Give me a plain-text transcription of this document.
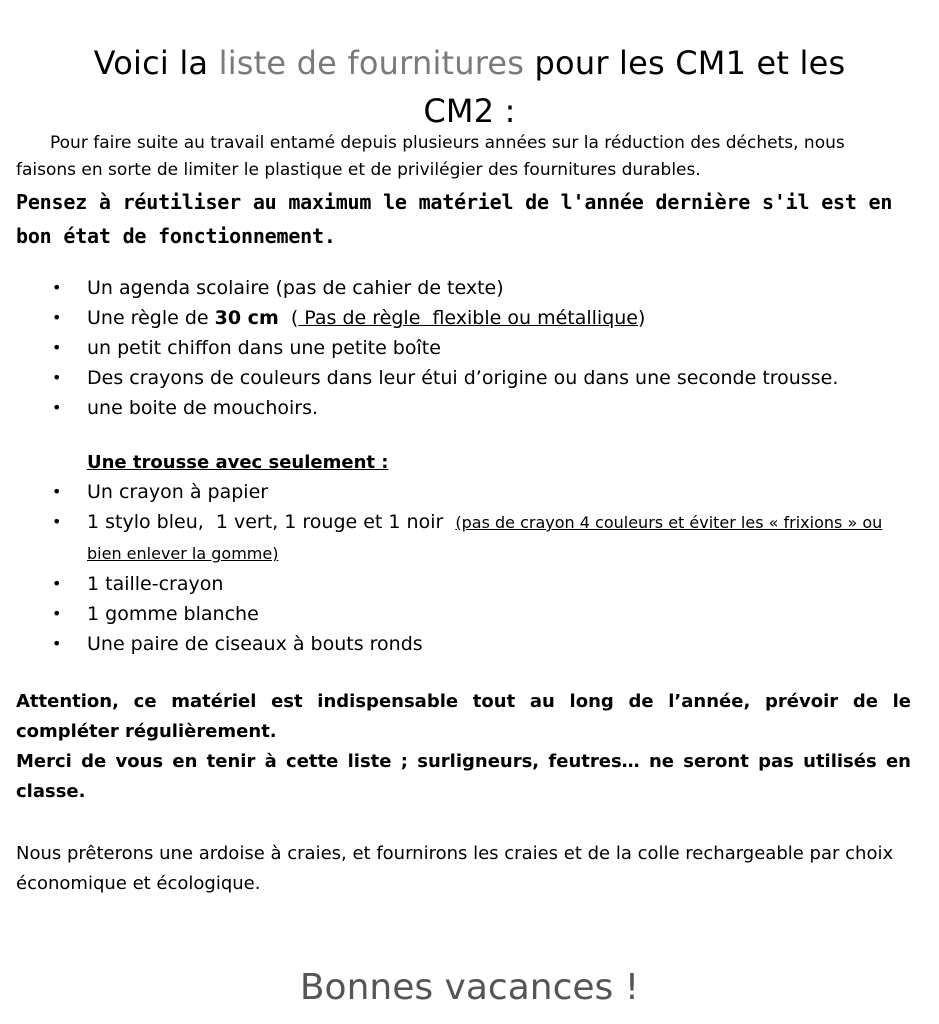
Voici la liste de fournitures pour les CM1 et les
CM2 :

Pour faire suite au travail entamé depuis plusieurs années sur la réduction des déchets, nous faisons en sorte de limiter le plastique et de privilégier des fournitures durables.

Pensez à réutiliser au maximum le matériel de l'année dernière s'il est en bon état de fonctionnement.

• Un agenda scolaire (pas de cahier de texte)
• Une règle de 30 cm  ( Pas de règle  flexible ou métallique)
• un petit chiffon dans une petite boîte
• Des crayons de couleurs dans leur étui d’origine ou dans une seconde trousse.
• une boite de mouchoirs.

Une trousse avec seulement :

• Un crayon à papier
• 1 stylo bleu,  1 vert, 1 rouge et 1 noir  (pas de crayon 4 couleurs et éviter les « frixions » ou bien enlever la gomme)
• 1 taille-crayon
• 1 gomme blanche
• Une paire de ciseaux à bouts ronds

Attention, ce matériel est indispensable tout au long de l’année, prévoir de le compléter régulièrement.

Merci de vous en tenir à cette liste ; surligneurs, feutres… ne seront pas utilisés en classe.

Nous prêterons une ardoise à craies, et fournirons les craies et de la colle rechargeable par choix économique et écologique.

Bonnes vacances !
